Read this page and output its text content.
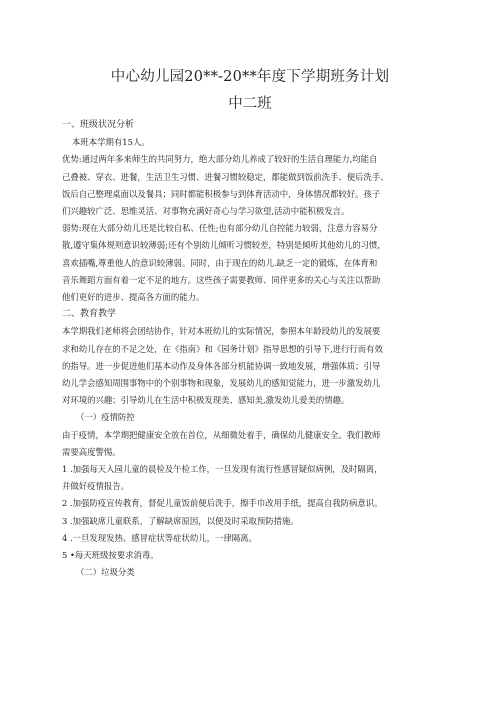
中心幼儿园20**-20**年度下学期班务计划
中二班
一、班级状况分析
本班本学期有15人。
优势:通过两年多来师生的共同努力，绝大部分幼儿养成了较好的生活自理能力,均能自
己叠被、穿衣、进餐，生活卫生习惯、进餐习惯较稳定，都能做到饭前洗手、便后洗手、
饭后自己整理桌面以及餐具；同时都能积极参与到体育活动中，身体情况都较好。孩子
们兴趣较广泛、思维灵活、对事物充满好奇心与学习欲望,活动中能积极发言。
弱势:现在大部分幼儿还是比较自私、任性;也有部分幼儿自控能力较弱，注意力容易分
散,遵守集体规则意识较薄弱;还有个别幼儿倾听习惯较差，特别是倾听其他幼儿的习惯，
喜欢插嘴,尊重他人的意识较薄弱。同时，由于现在的幼儿.缺乏一定的锻炼，在体育和
音乐舞蹈方面有着一定不足的地方。这些孩子需要教师、同伴更多的关心与关注以帮助
他们更好的进步、提高各方面的能力。
二、教育教学
本学期我们老师将会团结协作，针对本班幼儿的实际情况，参照本年龄段幼儿的发展要
求和幼儿存在的不足之处，在《指南》和《园务计划》指导思想的引导下,进行行而有效
的指导。进一步促进他们基本动作及身体各部分机能协调一致地发展，增强体质；引导
幼儿学会感知周围事物中的个别事物和现象，发展幼儿的感知觉能力，进一步激发幼儿
对环境的兴趣；引导幼儿在生活中积极发现美、感知美,激发幼儿爱美的情趣。
（一）疫情防控
由于疫情，本学期把健康安全放在首位，从细微处着手，确保幼儿健康安全。我们教师
需要高度警惕。
1 .加强每天入园儿童的晨检及午检工作，一旦发现有流行性感冒疑似病例，及时隔离，
并做好疫情报告。
2 .加强防疫宣传教育，督促儿童饭前便后洗手，擦手巾改用手纸，提高自我防病意识。
3 .加强缺席儿童联系，了解缺席原因，以便及时采取预防措施。
4 .一旦发现发热、感冒症状等症状幼儿，一律隔离。
5 •每天班级按要求消毒。
（二）垃圾分类
